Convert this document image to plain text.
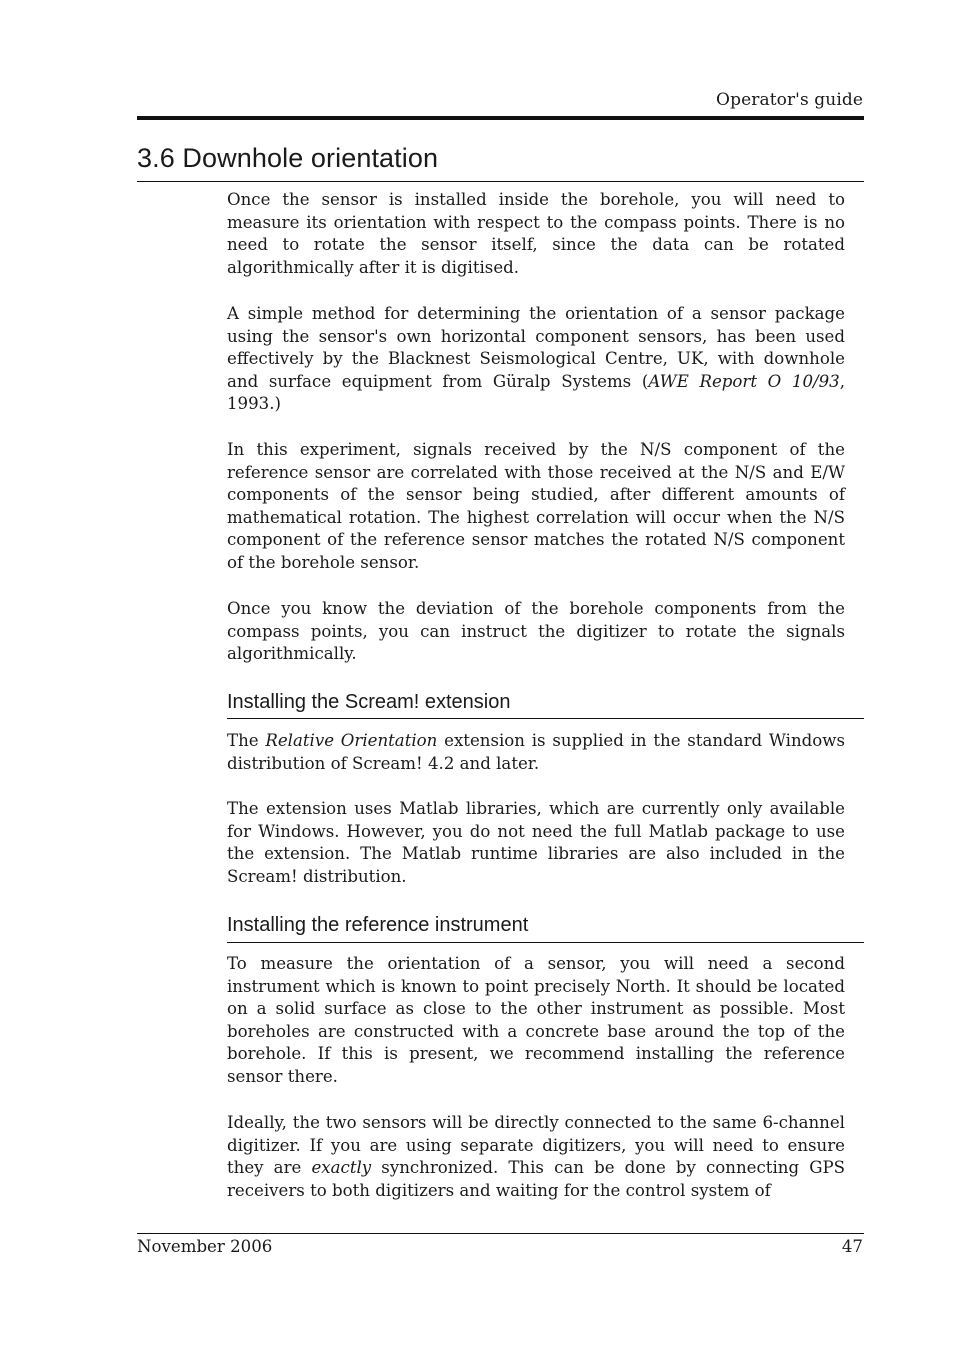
Operator's guide
3.6 Downhole orientation

Once the sensor is installed inside the borehole, you will need to measure its orientation with respect to the compass points. There is no need to rotate the sensor itself, since the data can be rotated algorithmically after it is digitised.

A simple method for determining the orientation of a sensor package using the sensor's own horizontal component sensors, has been used effectively by the Blacknest Seismological Centre, UK, with downhole and surface equipment from Güralp Systems (AWE Report O 10/93, 1993.)

In this experiment, signals received by the N/S component of the reference sensor are correlated with those received at the N/S and E/W components of the sensor being studied, after different amounts of mathematical rotation. The highest correlation will occur when the N/S component of the reference sensor matches the rotated N/S component of the borehole sensor.

Once you know the deviation of the borehole components from the compass points, you can instruct the digitizer to rotate the signals algorithmically.

Installing the Scream! extension

The Relative Orientation extension is supplied in the standard Windows distribution of Scream! 4.2 and later.

The extension uses Matlab libraries, which are currently only available for Windows. However, you do not need the full Matlab package to use the extension. The Matlab runtime libraries are also included in the Scream! distribution.

Installing the reference instrument

To measure the orientation of a sensor, you will need a second instrument which is known to point precisely North. It should be located on a solid surface as close to the other instrument as possible. Most boreholes are constructed with a concrete base around the top of the borehole. If this is present, we recommend installing the reference sensor there.

Ideally, the two sensors will be directly connected to the same 6-channel digitizer. If you are using separate digitizers, you will need to ensure they are exactly synchronized. This can be done by connecting GPS receivers to both digitizers and waiting for the control system of

November 2006	47
